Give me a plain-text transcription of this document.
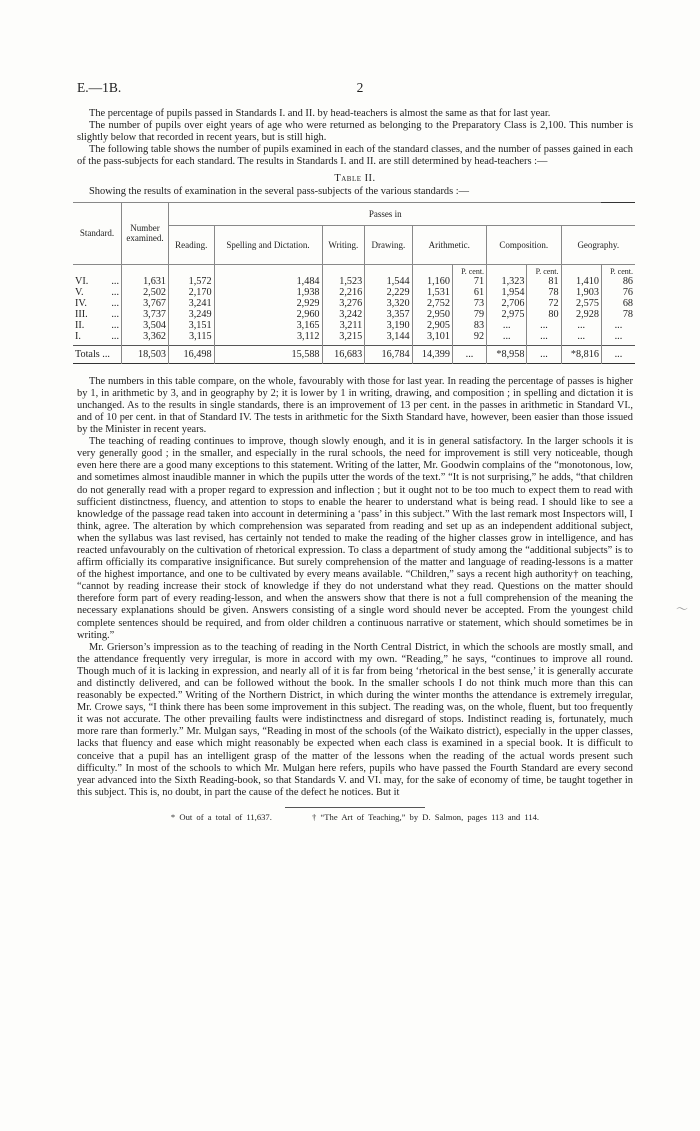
E.—1B.	2

The percentage of pupils passed in Standards I. and II. by head-teachers is almost the same as that for last year.

The number of pupils over eight years of age who were returned as belonging to the Preparatory Class is 2,100. This number is slightly below that recorded in recent years, but is still high.

The following table shows the number of pupils examined in each of the standard classes, and the number of passes gained in each of the pass-subjects for each standard. The results in Standards I. and II. are still determined by head-teachers :—

Table II.

Showing the results of examination in the several pass-subjects of the various standards :—

Standard.	Number examined.	Passes in									
		Reading.	Spelling and Dictation.	Writing.	Drawing.	Arithmetic.		Composition.		Geography.	
							P. cent.		P. cent.		P. cent.
VI. ...	1,631	1,572	1,484	1,523	1,544	1,160	71	1,323	81	1,410	86
V. ...	2,502	2,170	1,938	2,216	2,229	1,531	61	1,954	78	1,903	76
IV. ...	3,767	3,241	2,929	3,276	3,320	2,752	73	2,706	72	2,575	68
III. ...	3,737	3,249	2,960	3,242	3,357	2,950	79	2,975	80	2,928	78
II. ...	3,504	3,151	3,165	3,211	3,190	2,905	83	...	...	...	...
I. ...	3,362	3,115	3,112	3,215	3,144	3,101	92	...	...	...	...
Totals ...	18,503	16,498	15,588	16,683	16,784	14,399	...	*8,958	...	*8,816	...

The numbers in this table compare, on the whole, favourably with those for last year. In reading the percentage of passes is higher by 1, in arithmetic by 3, and in geography by 2; it is lower by 1 in writing, drawing, and composition ; in spelling and dictation it is unchanged. As to the results in single standards, there is an improvement of 13 per cent. in the passes in arithmetic in Standard VI., and of 10 per cent. in that of Standard IV. The tests in arithmetic for the Sixth Standard have, however, been easier than those issued by the Minister in recent years.

The teaching of reading continues to improve, though slowly enough, and it is in general satisfactory. In the larger schools it is very generally good ; in the smaller, and especially in the rural schools, the need for improvement is still very noticeable, though even here there are a good many exceptions to this statement. Writing of the latter, Mr. Goodwin complains of the “monotonous, low, and sometimes almost inaudible manner in which the pupils utter the words of the text.” “It is not surprising,” he adds, “that children do not generally read with a proper regard to expression and inflection ; but it ought not to be too much to expect them to read with sufficient distinctness, fluency, and attention to stops to enable the hearer to understand what is being read. I should like to see a knowledge of the passage read taken into account in determining a ‘pass’ in this subject.” With the last remark most Inspectors will, I think, agree. The alteration by which comprehension was separated from reading and set up as an independent additional subject, when the syllabus was last revised, has certainly not tended to make the reading of the higher classes grow in intelligence, and has reacted unfavourably on the cultivation of rhetorical expression. To class a department of study among the “additional subjects” is to affirm officially its comparative insignificance. But surely comprehension of the matter and language of reading-lessons is a matter of the highest importance, and one to be cultivated by every means available. “Children,” says a recent high authority† on teaching, “cannot by reading increase their stock of knowledge if they do not understand what they read. Questions on the matter should therefore form part of every reading-lesson, and when the answers show that there is not a full comprehension of the meaning the necessary explanations should be given. Answers consisting of a single word should never be accepted. From the youngest child complete sentences should be required, and from older children a continuous narrative or statement, which should sometimes be in writing.”

Mr. Grierson’s impression as to the teaching of reading in the North Central District, in which the schools are mostly small, and the attendance frequently very irregular, is more in accord with my own. “Reading,” he says, “continues to improve all round. Though much of it is lacking in expression, and nearly all of it is far from being ‘rhetorical in the best sense,’ it is generally accurate and distinctly delivered, and can be followed without the book. In the smaller schools I do not think much more than this can reasonably be expected.” Writing of the Northern District, in which during the winter months the attendance is extremely irregular, Mr. Crowe says, “I think there has been some improvement in this subject. The reading was, on the whole, fluent, but too frequently it was not accurate. The other prevailing faults were indistinctness and disregard of stops. Indistinct reading is, fortunately, much more rare than formerly.” Mr. Mulgan says, “Reading in most of the schools (of the Waikato district), especially in the upper classes, lacks that fluency and ease which might reasonably be expected when each class is examined in a special book. It is difficult to conceive that a pupil has an intelligent grasp of the matter of the lessons when the reading of the actual words present such difficulty.” In most of the schools to which Mr. Mulgan here refers, pupils who have passed the Fourth Standard are every second year advanced into the Sixth Reading-book, so that Standards V. and VI. may, for the sake of economy of time, be taught together in this subject. This is, no doubt, in part the cause of the defect he notices. But it

* Out of a total of 11,637.	† “The Art of Teaching,” by D. Salmon, pages 113 and 114.
〜
